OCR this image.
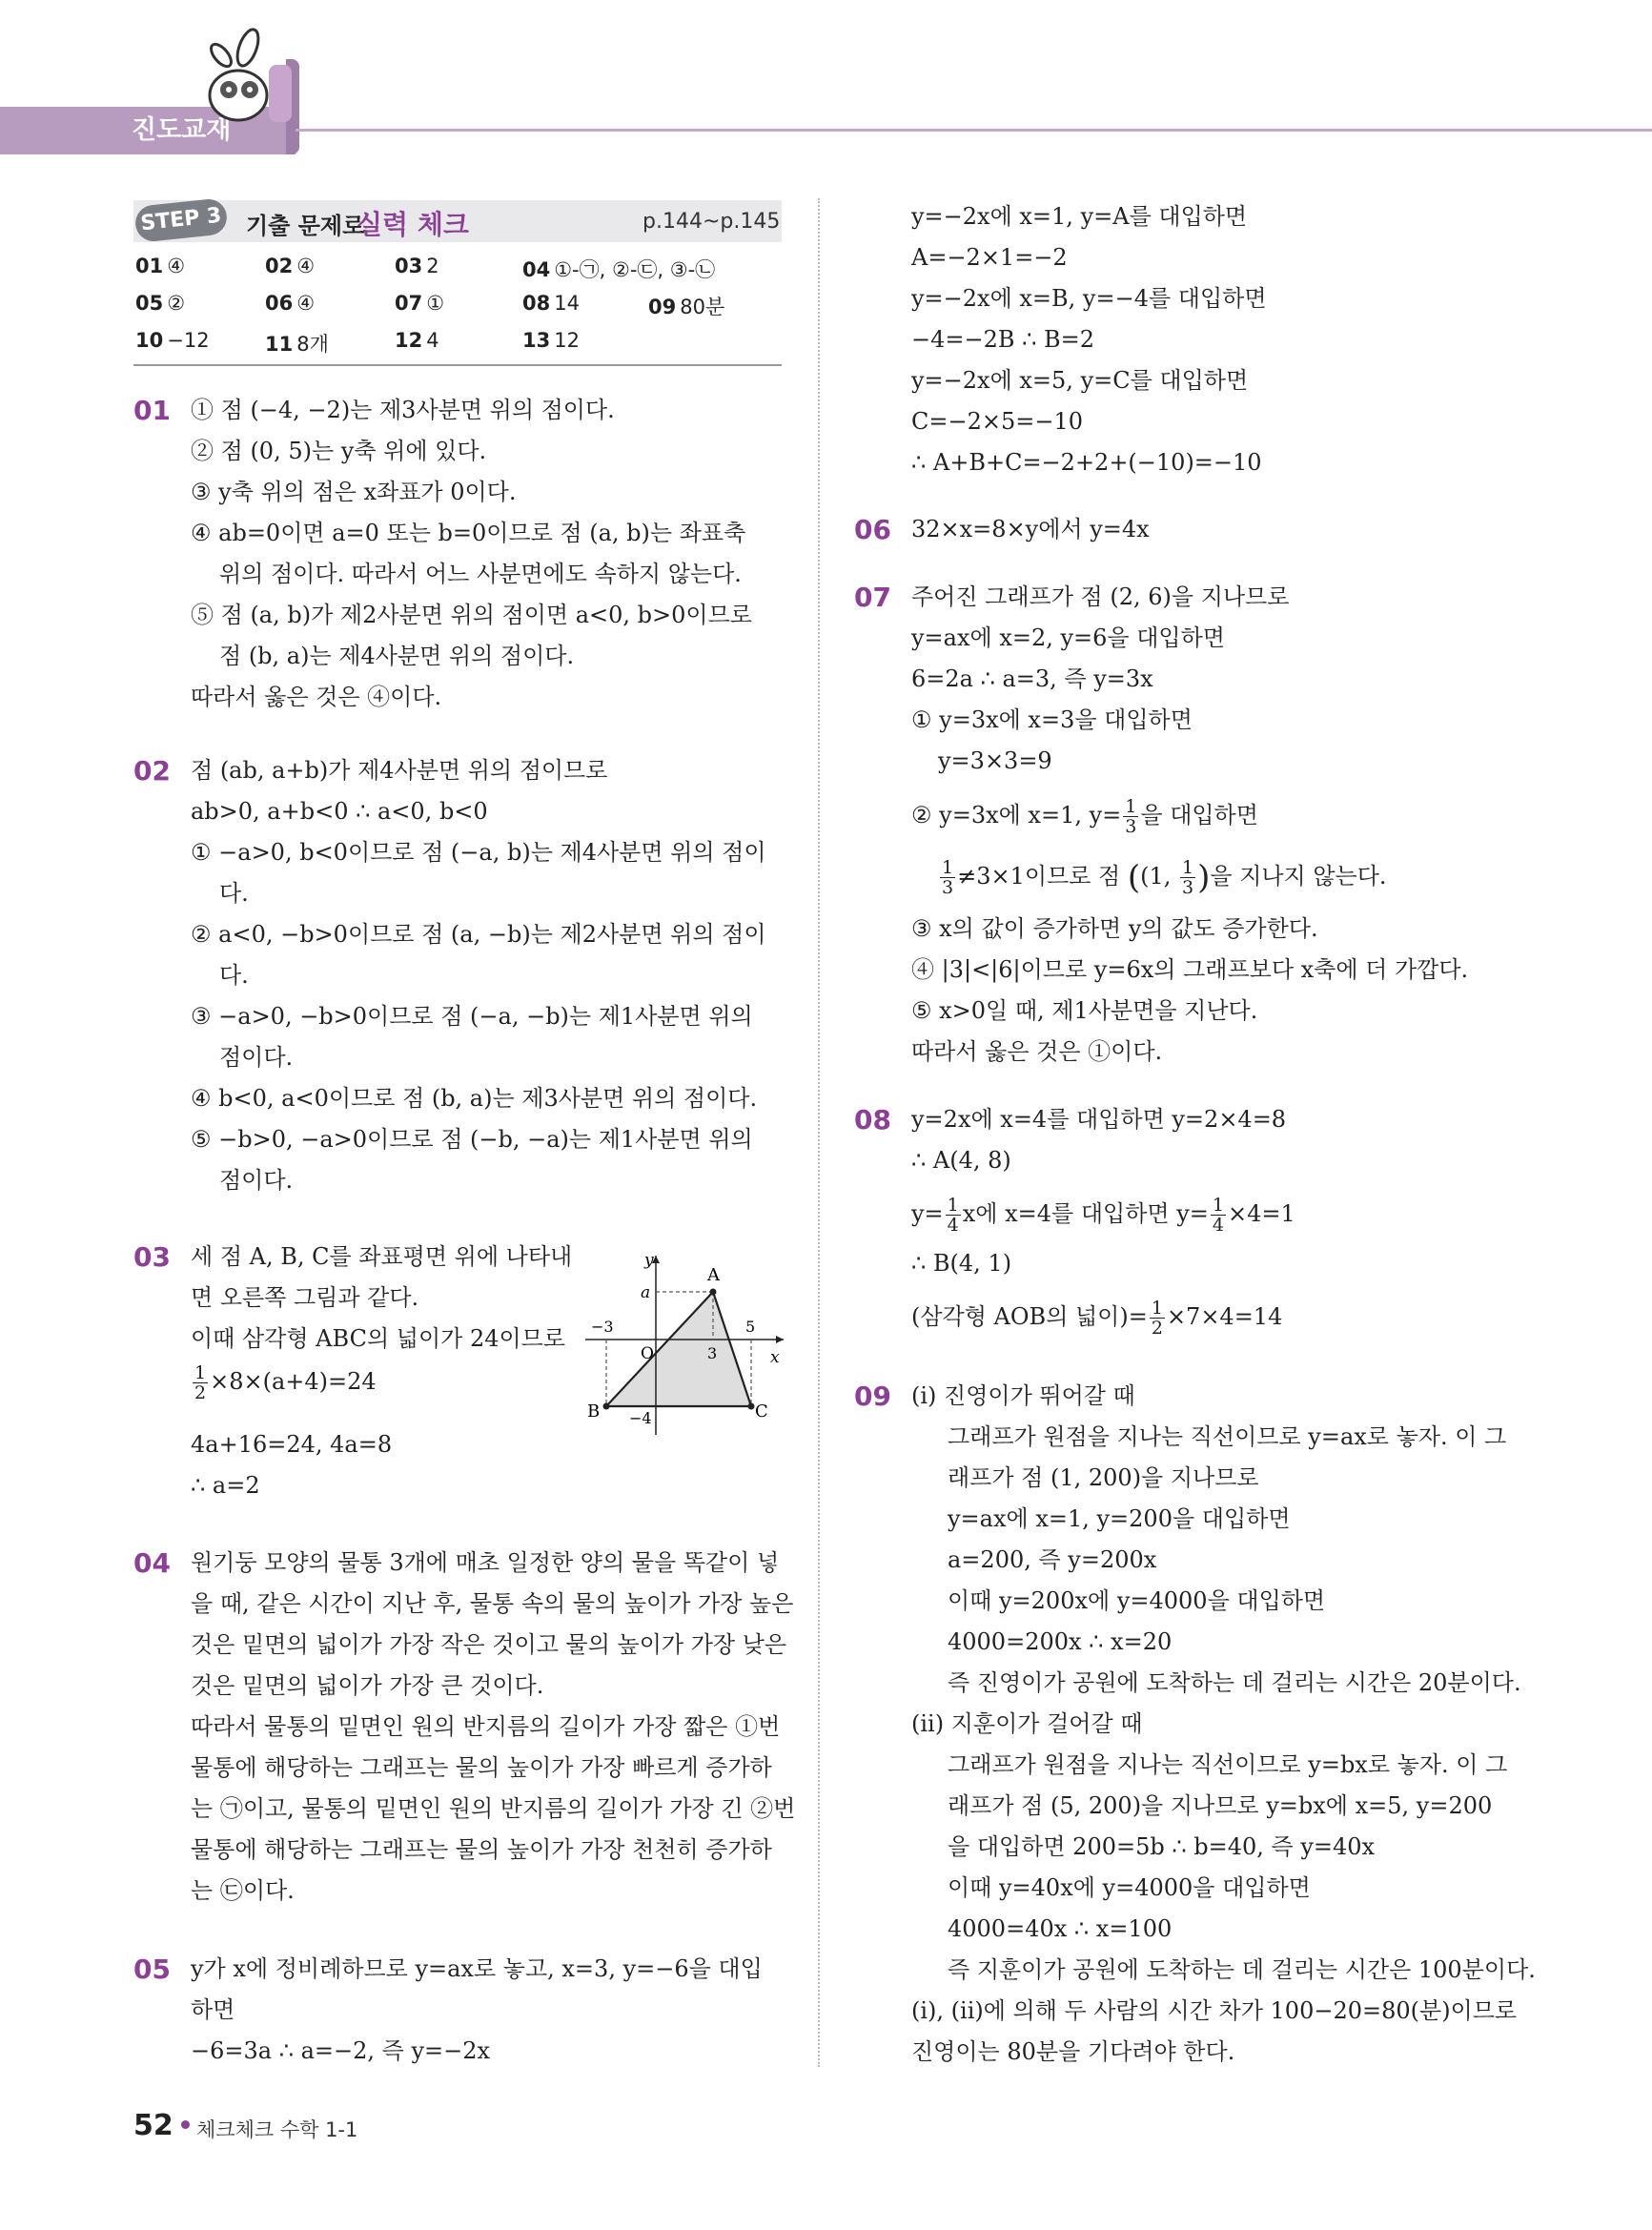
진도교재
STEP 3 기출 문제로
실력 체크	p.144~p.145
01 ④	02 ④	03 2	04 ①-㉠, ②-㉢, ③-㉡
05 ②	06 ④	07 ①	08 14	09 80분
10 −12	11 8개	12 4	13 12
01 ① 점 (−4, −2)는 제3사분면 위의 점이다.
② 점 (0, 5)는 y축 위에 있다.
③ y축 위의 점은 x좌표가 0이다.
④ ab=0이면 a=0 또는 b=0이므로 점 (a, b)는 좌표축
위의 점이다. 따라서 어느 사분면에도 속하지 않는다.
⑤ 점 (a, b)가 제2사분면 위의 점이면 a<0, b>0이므로
점 (b, a)는 제4사분면 위의 점이다.
따라서 옳은 것은 ④이다.
02 점 (ab, a+b)가 제4사분면 위의 점이므로
ab>0, a+b<0 ∴ a<0, b<0
① −a>0, b<0이므로 점 (−a, b)는 제4사분면 위의 점이
다.
② a<0, −b>0이므로 점 (a, −b)는 제2사분면 위의 점이
다.
③ −a>0, −b>0이므로 점 (−a, −b)는 제1사분면 위의
점이다.
④ b<0, a<0이므로 점 (b, a)는 제3사분면 위의 점이다.
⑤ −b>0, −a>0이므로 점 (−b, −a)는 제1사분면 위의
점이다.
03 세 점 A, B, C를 좌표평면 위에 나타내
면 오른쪽 그림과 같다.
이때 삼각형 ABC의 넓이가 24이므로
$\frac{1}{2} \times 8\times(a+4)=24$
4a+16=24, 4a=8
∴ a=2
y
x
a
A
B	C
O
−3
3
5
−4
04 원기둥 모양의 물통 3개에 매초 일정한 양의 물을 똑같이 넣
을 때, 같은 시간이 지난 후, 물통 속의 물의 높이가 가장 높은
것은 밑면의 넓이가 가장 작은 것이고 물의 높이가 가장 낮은
것은 밑면의 넓이가 가장 큰 것이다.
따라서 물통의 밑면인 원의 반지름의 길이가 가장 짧은 ①번
물통에 해당하는 그래프는 물의 높이가 가장 빠르게 증가하
는 ㉠이고, 물통의 밑면인 원의 반지름의 길이가 가장 긴 ②번
물통에 해당하는 그래프는 물의 높이가 가장 천천히 증가하
는 ㉢이다.
05 y가 x에 정비례하므로 y=ax로 놓고, x=3, y=−6을 대입
하면
−6=3a ∴ a=−2, 즉 y=−2x
y=−2x에 x=1, y=A를 대입하면
A=−2×1=−2
y=−2x에 x=B, y=−4를 대입하면
−4=−2B ∴ B=2
y=−2x에 x=5, y=C를 대입하면
C=−2×5=−10
∴ A+B+C=−2+2+(−10)=−10
06 32×x=8×y에서 y=4x
07 주어진 그래프가 점 (2, 6)을 지나므로
y=ax에 x=2, y=6을 대입하면
6=2a ∴ a=3, 즉 y=3x
① y=3x에 x=3을 대입하면
y=3×3=9
② y=3x에 x=1, $y= \frac{1}{3}$ 을 대입하면
$\frac{1}{3} \ne 3\times 1$이므로 점 ((1, $\frac{1}{3}$ )을 지나지 않는다.
③ x의 값이 증가하면 y의 값도 증가한다.
④ |3|<|6|이므로 y=6x의 그래프보다 x축에 더 가깝다.
⑤ x>0일 때, 제1사분면을 지난다.
따라서 옳은 것은 ①이다.
08 y=2x에 x=4를 대입하면 y=2×4=8
∴ A(4, 8)
$y= \frac{1}{4}$ x에 x=4를 대입하면 $y= \frac{1}{4} \times 4=1$
∴ B(4, 1)
(삼각형 AOB의 넓이)= $\frac{1}{2} \times 7\times 4=14$
09 (i) 진영이가 뛰어갈 때
그래프가 원점을 지나는 직선이므로 y=ax로 놓자. 이 그
래프가 점 (1, 200)을 지나므로
y=ax에 x=1, y=200을 대입하면
a=200, 즉 y=200x
이때 y=200x에 y=4000을 대입하면
4000=200x ∴ x=20
즉 진영이가 공원에 도착하는 데 걸리는 시간은 20분이다.
(ii) 지훈이가 걸어갈 때
그래프가 원점을 지나는 직선이므로 y=bx로 놓자. 이 그
래프가 점 (5, 200)을 지나므로 y=bx에 x=5, y=200
을 대입하면 200=5b ∴ b=40, 즉 y=40x
이때 y=40x에 y=4000을 대입하면
4000=40x ∴ x=100
즉 지훈이가 공원에 도착하는 데 걸리는 시간은 100분이다.
(i), (ii)에 의해 두 사람의 시간 차가 100−20=80(분)이므로
진영이는 80분을 기다려야 한다.
52 체크체크 수학 1-1
